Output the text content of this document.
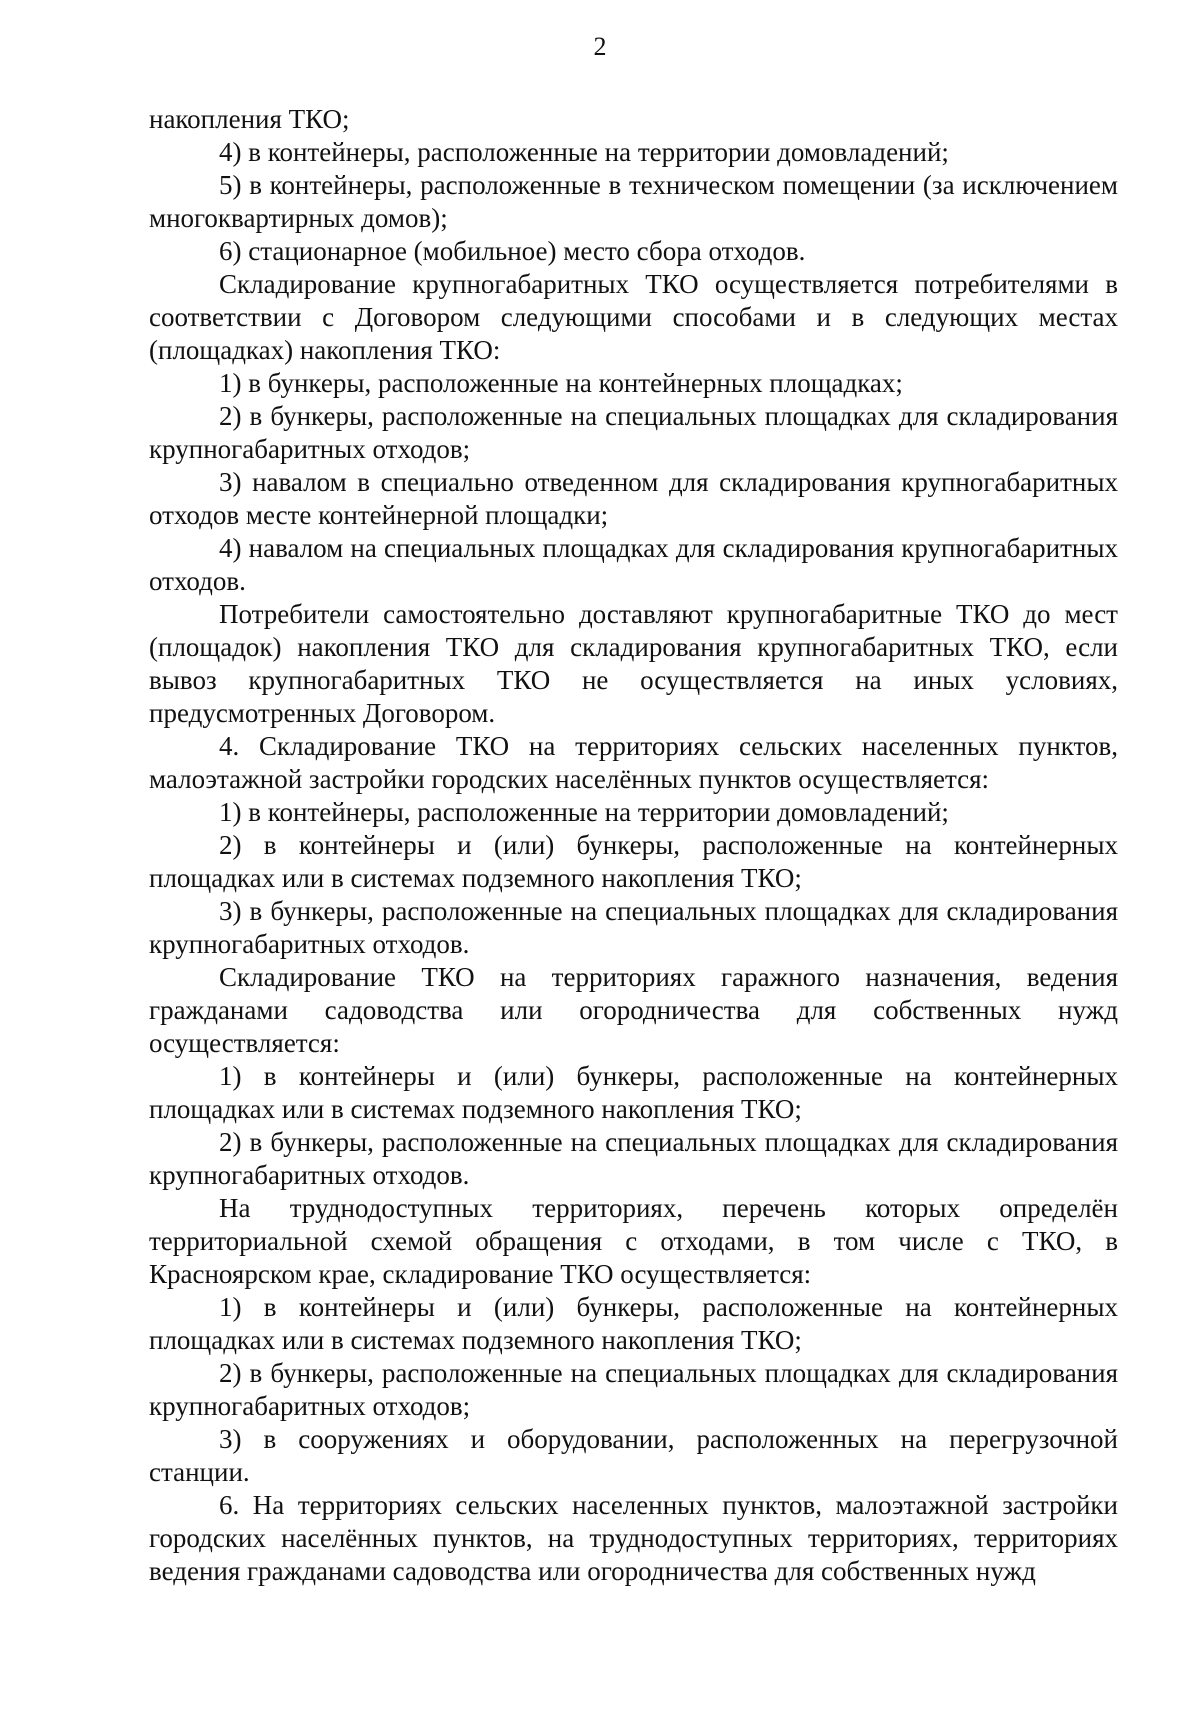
2

накопления ТКО;

4) в контейнеры, расположенные на территории домовладений;

5) в контейнеры, расположенные в техническом помещении (за исключением многоквартирных домов);

6) стационарное (мобильное) место сбора отходов.

Складирование крупногабаритных ТКО осуществляется потребителями в соответствии с Договором следующими способами и в следующих местах (площадках) накопления ТКО:

1) в бункеры, расположенные на контейнерных площадках;

2) в бункеры, расположенные на специальных площадках для складирования крупногабаритных отходов;

3) навалом в специально отведенном для складирования крупногабаритных отходов месте контейнерной площадки;

4) навалом на специальных площадках для складирования крупногабаритных отходов.

Потребители самостоятельно доставляют крупногабаритные ТКО до мест (площадок) накопления ТКО для складирования крупногабаритных ТКО, если вывоз крупногабаритных ТКО не осуществляется на иных условиях, предусмотренных Договором.

4. Складирование ТКО на территориях сельских населенных пунктов, малоэтажной застройки городских населённых пунктов осуществляется:

1) в контейнеры, расположенные на территории домовладений;

2) в контейнеры и (или) бункеры, расположенные на контейнерных площадках или в системах подземного накопления ТКО;

3) в бункеры, расположенные на специальных площадках для складирования крупногабаритных отходов.

Складирование ТКО на территориях гаражного назначения, ведения гражданами садоводства или огородничества для собственных нужд осуществляется:

1) в контейнеры и (или) бункеры, расположенные на контейнерных площадках или в системах подземного накопления ТКО;

2) в бункеры, расположенные на специальных площадках для складирования крупногабаритных отходов.

На труднодоступных территориях, перечень которых определён территориальной схемой обращения с отходами, в том числе с ТКО, в Красноярском крае, складирование ТКО осуществляется:

1) в контейнеры и (или) бункеры, расположенные на контейнерных площадках или в системах подземного накопления ТКО;

2) в бункеры, расположенные на специальных площадках для складирования крупногабаритных отходов;

3) в сооружениях и оборудовании, расположенных на перегрузочной станции.

6. На территориях сельских населенных пунктов, малоэтажной застройки городских населённых пунктов, на труднодоступных территориях, территориях ведения гражданами садоводства или огородничества для собственных нужд
